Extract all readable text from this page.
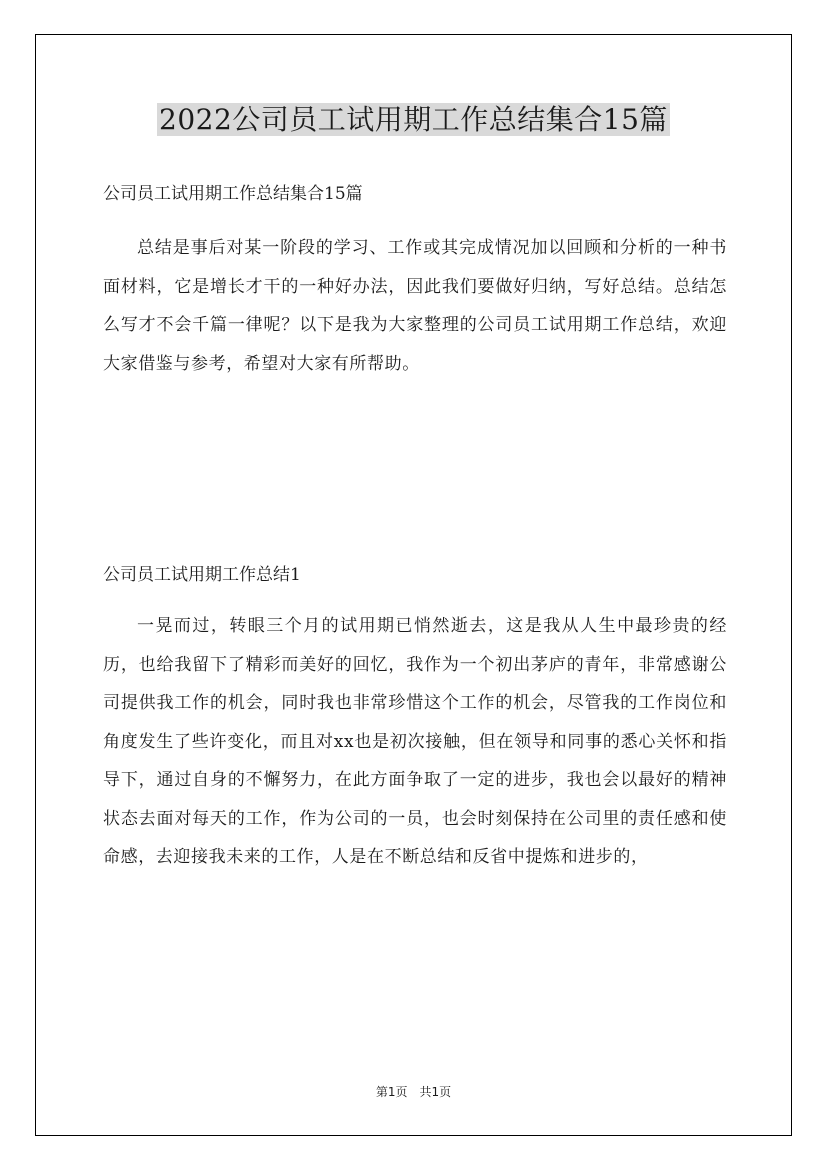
2022公司员工试用期工作总结集合15篇

公司员工试用期工作总结集合15篇

总结是事后对某一阶段的学习、工作或其完成情况加以回顾和分析的一种书面材料，它是增长才干的一种好办法，因此我们要做好归纳，写好总结。总结怎么写才不会千篇一律呢？以下是我为大家整理的公司员工试用期工作总结，欢迎大家借鉴与参考，希望对大家有所帮助。

公司员工试用期工作总结1

一晃而过，转眼三个月的试用期已悄然逝去，这是我从人生中最珍贵的经历，也给我留下了精彩而美好的回忆，我作为一个初出茅庐的青年，非常感谢公司提供我工作的机会，同时我也非常珍惜这个工作的机会，尽管我的工作岗位和角度发生了些许变化，而且对xx也是初次接触，但在领导和同事的悉心关怀和指导下，通过自身的不懈努力，在此方面争取了一定的进步，我也会以最好的精神状态去面对每天的工作，作为公司的一员，也会时刻保持在公司里的责任感和使命感，去迎接我未来的工作，人是在不断总结和反省中提炼和进步的，

第1页　共1页
